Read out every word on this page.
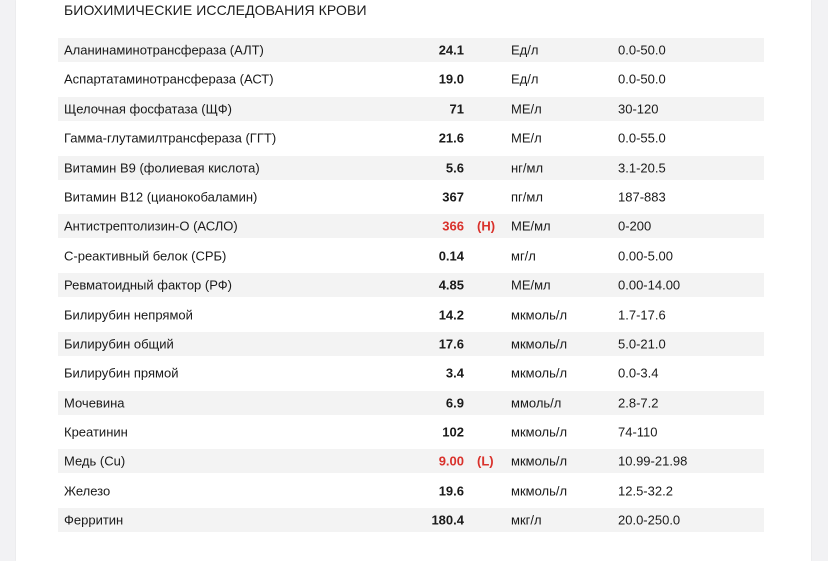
БИОХИМИЧЕСКИЕ ИССЛЕДОВАНИЯ КРОВИ
Аланинаминотрансфераза (АЛТ)	24.1	Ед/л	0.0-50.0
Аспартатаминотрансфераза (АСТ)	19.0	Ед/л	0.0-50.0
Щелочная фосфатаза (ЩФ)	71	МЕ/л	30-120
Гамма-глутамилтрансфераза (ГГТ)	21.6	МЕ/л	0.0-55.0
Витамин В9 (фолиевая кислота)	5.6	нг/мл	3.1-20.5
Витамин В12 (цианокобаламин)	367	пг/мл	187-883
Антистрептолизин-О (АСЛО)	366 (H) МЕ/мл	0-200
С-реактивный белок (СРБ)	0.14	мг/л	0.00-5.00
Ревматоидный фактор (РФ)	4.85	МЕ/мл	0.00-14.00
Билирубин непрямой	14.2	мкмоль/л	1.7-17.6
Билирубин общий	17.6	мкмоль/л	5.0-21.0
Билирубин прямой	3.4	мкмоль/л	0.0-3.4
Мочевина	6.9	ммоль/л	2.8-7.2
Креатинин	102	мкмоль/л	74-110
Медь (Cu)	9.00 (L) мкмоль/л	10.99-21.98
Железо	19.6	мкмоль/л	12.5-32.2
Ферритин	180.4	мкг/л	20.0-250.0
